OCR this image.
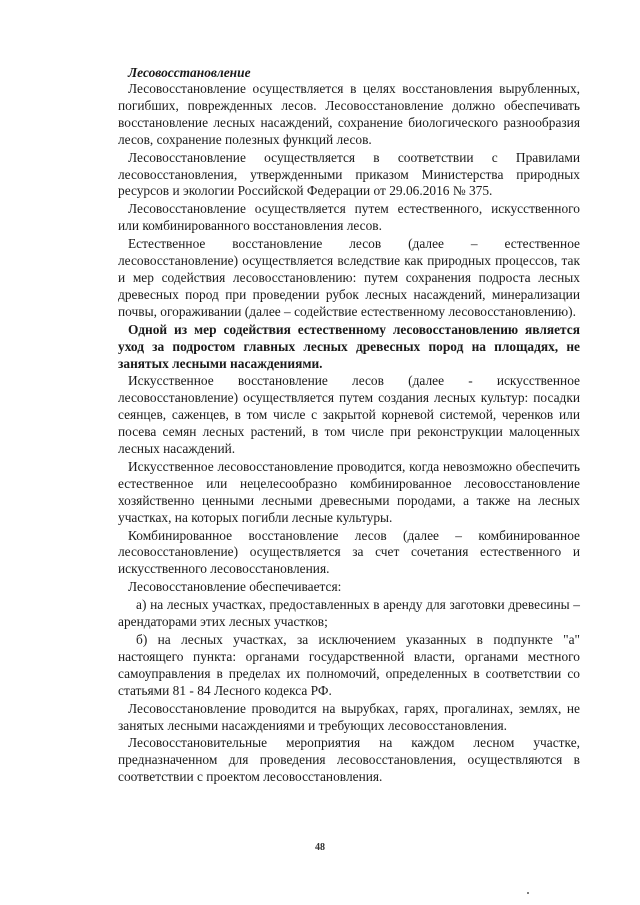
Лесовосстановление

Лесовосстановление осуществляется в целях восстановления вырубленных, погибших, поврежденных лесов. Лесовосстановление должно обеспечивать восстановление лесных насаждений, сохранение биологического разнообразия лесов, сохранение полезных функций лесов.

Лесовосстановление осуществляется в соответствии с Правилами лесовосстановления, утвержденными приказом Министерства природных ресурсов и экологии Российской Федерации от 29.06.2016 № 375.

Лесовосстановление осуществляется путем естественного, искусственного или комбинированного восстановления лесов.

Естественное восстановление лесов (далее – естественное лесовосстановление) осуществляется вследствие как природных процессов, так и мер содействия лесовосстановлению: путем сохранения подроста лесных древесных пород при проведении рубок лесных насаждений, минерализации почвы, огораживании (далее – содействие естественному лесовосстановлению).

Одной из мер содействия естественному лесовосстановлению является уход за подростом главных лесных древесных пород на площадях, не занятых лесными насаждениями.

Искусственное восстановление лесов (далее - искусственное лесовосстановление) осуществляется путем создания лесных культур: посадки сеянцев, саженцев, в том числе с закрытой корневой системой, черенков или посева семян лесных растений, в том числе при реконструкции малоценных лесных насаждений.

Искусственное лесовосстановление проводится, когда невозможно обеспечить естественное или нецелесообразно комбинированное лесовосстановление хозяйственно ценными лесными древесными породами, а также на лесных участках, на которых погибли лесные культуры.

Комбинированное восстановление лесов (далее – комбинированное лесовосстановление) осуществляется за счет сочетания естественного и искусственного лесовосстановления.

Лесовосстановление обеспечивается:

а) на лесных участках, предоставленных в аренду для заготовки древесины – арендаторами этих лесных участков;

б) на лесных участках, за исключением указанных в подпункте "а" настоящего пункта: органами государственной власти, органами местного самоуправления в пределах их полномочий, определенных в соответствии со статьями 81 - 84 Лесного кодекса РФ.

Лесовосстановление проводится на вырубках, гарях, прогалинах, землях, не занятых лесными насаждениями и требующих лесовосстановления.

Лесовосстановительные мероприятия на каждом лесном участке, предназначенном для проведения лесовосстановления, осуществляются в соответствии с проектом лесовосстановления.

48
